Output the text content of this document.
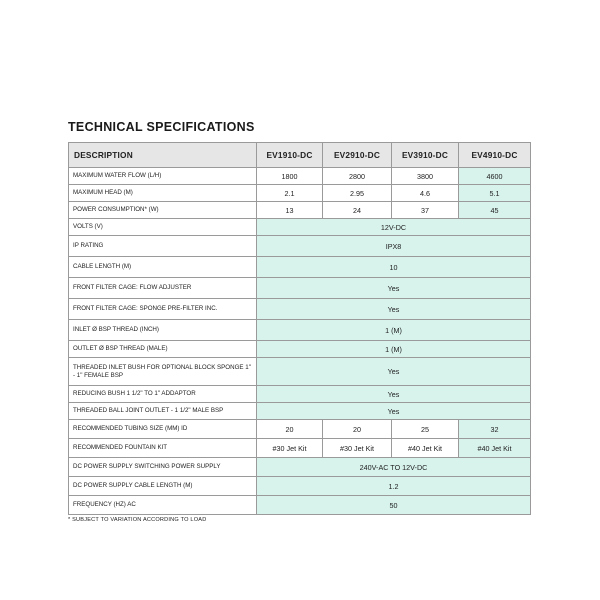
TECHNICAL SPECIFICATIONS
DESCRIPTION	EV1910-DC	EV2910-DC	EV3910-DC	EV4910-DC
MAXIMUM WATER FLOW (L/H)	1800	2800	3800	4600
MAXIMUM HEAD (M)	2.1	2.95	4.6	5.1
POWER CONSUMPTION* (W)	13	24	37	45
VOLTS (V)	12V-DC			
IP RATING	IPX8			
CABLE LENGTH (M)	10			
FRONT FILTER CAGE: FLOW ADJUSTER	Yes			
FRONT FILTER CAGE: SPONGE PRE-FILTER INC.	Yes			
INLET Ø BSP THREAD (INCH)	1 (M)			
OUTLET Ø BSP THREAD (MALE)	1 (M)			
THREADED INLET BUSH FOR OPTIONAL BLOCK SPONGE 1" - 1" FEMALE BSP	Yes			
REDUCING BUSH 1 1/2" TO 1" ADDAPTOR	Yes			
THREADED BALL JOINT OUTLET - 1 1/2" MALE BSP	Yes			
RECOMMENDED TUBING SIZE (MM) ID	20	20	25	32
RECOMMENDED FOUNTAIN KIT	#30 Jet Kit	#30 Jet Kit	#40 Jet Kit	#40 Jet Kit
DC POWER SUPPLY SWITCHING POWER SUPPLY	240V-AC TO 12V-DC			
DC POWER SUPPLY CABLE LENGTH (M)	1.2			
FREQUENCY (HZ) AC	50			
* SUBJECT TO VARIATION ACCORDING TO LOAD
